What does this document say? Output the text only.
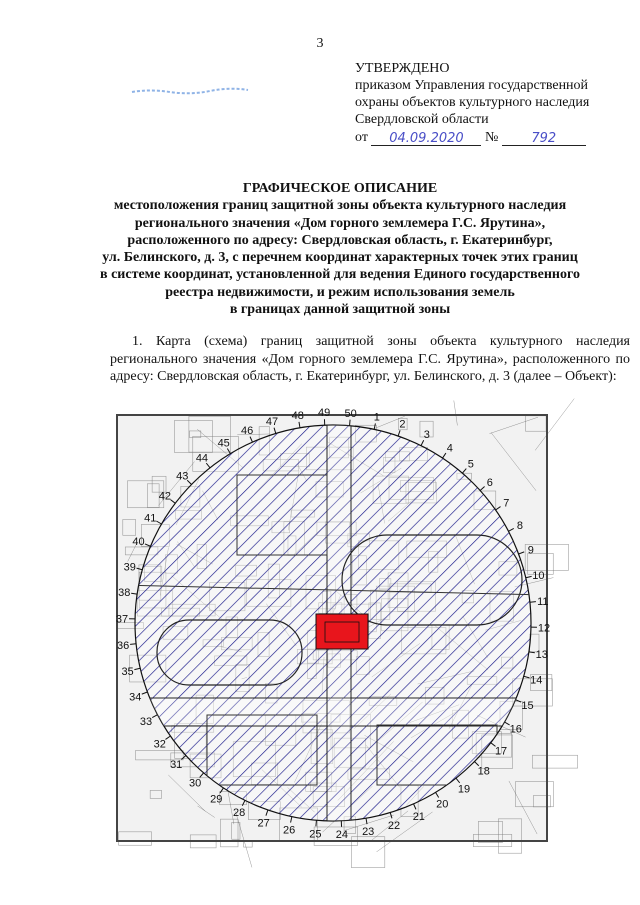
3
УТВЕРЖДЕНО
приказом Управления государственной
охраны объектов культурного наследия
Свердловской области
от 04.09.2020 №	792
ГРАФИЧЕСКОЕ ОПИСАНИЕ
местоположения границ защитной зоны объекта культурного наследия
регионального значения «Дом горного землемера Г.С. Ярутина»,
расположенного по адресу: Свердловская область, г. Екатеринбург,
ул. Белинского, д. 3, с перечнем координат характерных точек этих границ
в системе координат, установленной для ведения Единого государственного
реестра недвижимости, и режим использования земель
в границах данной защитной зоны

1. Карта (схема) границ защитной зоны объекта культурного наследия регионального значения «Дом горного землемера Г.С. Ярутина», расположенного по адресу: Свердловская область, г. Екатеринбург, ул. Белинского, д. 3 (далее – Объект):

1
2
3
4
5
6
7
8
9
10
11
12
13
14
15
16
17
18
19
20
21
22
23
24
25
26
27
28
29
30
31
32
33
34
35
36
37
38
39
40
41
42
43
44
45
46
47
48 49 50
